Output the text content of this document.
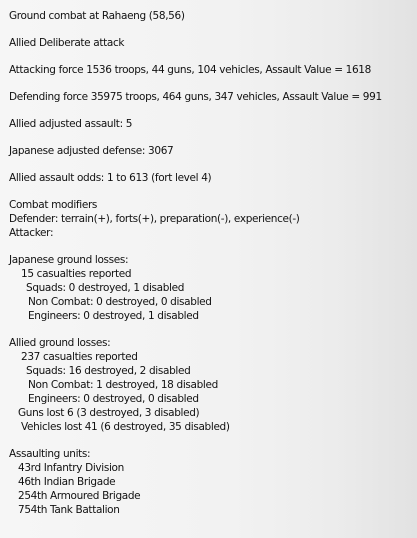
Ground combat at Rahaeng (58,56)
Allied Deliberate attack
Attacking force 1536 troops, 44 guns, 104 vehicles, Assault Value = 1618
Defending force 35975 troops, 464 guns, 347 vehicles, Assault Value = 991
Allied adjusted assault: 5
Japanese adjusted defense: 3067
Allied assault odds: 1 to 613 (fort level 4)
Combat modifiers
Defender: terrain(+), forts(+), preparation(-), experience(-)
Attacker:
Japanese ground losses:
15 casualties reported
Squads: 0 destroyed, 1 disabled
Non Combat: 0 destroyed, 0 disabled
Engineers: 0 destroyed, 1 disabled
Allied ground losses:
237 casualties reported
Squads: 16 destroyed, 2 disabled
Non Combat: 1 destroyed, 18 disabled
Engineers: 0 destroyed, 0 disabled
Guns lost 6 (3 destroyed, 3 disabled)
Vehicles lost 41 (6 destroyed, 35 disabled)
Assaulting units:
43rd Infantry Division
46th Indian Brigade
254th Armoured Brigade
754th Tank Battalion
